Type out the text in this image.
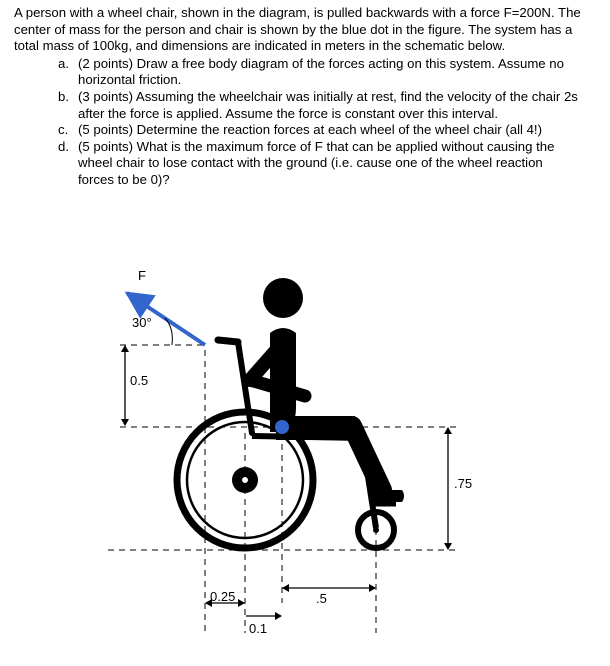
A person with a wheel chair, shown in the diagram, is pulled backwards with a force F=200N. The center of mass for the person and chair is shown by the blue dot in the figure. The system has a total mass of 100kg, and dimensions are indicated in meters in the schematic below.

a. (2 points) Draw a free body diagram of the forces acting on this system. Assume no horizontal friction.
b. (3 points) Assuming the wheelchair was initially at rest, find the velocity of the chair 2s after the force is applied. Assume the force is constant over this interval.
c. (5 points) Determine the reaction forces at each wheel of the wheel chair (all 4!)
d. (5 points) What is the maximum force of F that can be applied without causing the wheel chair to lose contact with the ground (i.e. cause one of the wheel reaction forces to be 0)?
F
30°
0.5
.75
0.25
0.1
.5
